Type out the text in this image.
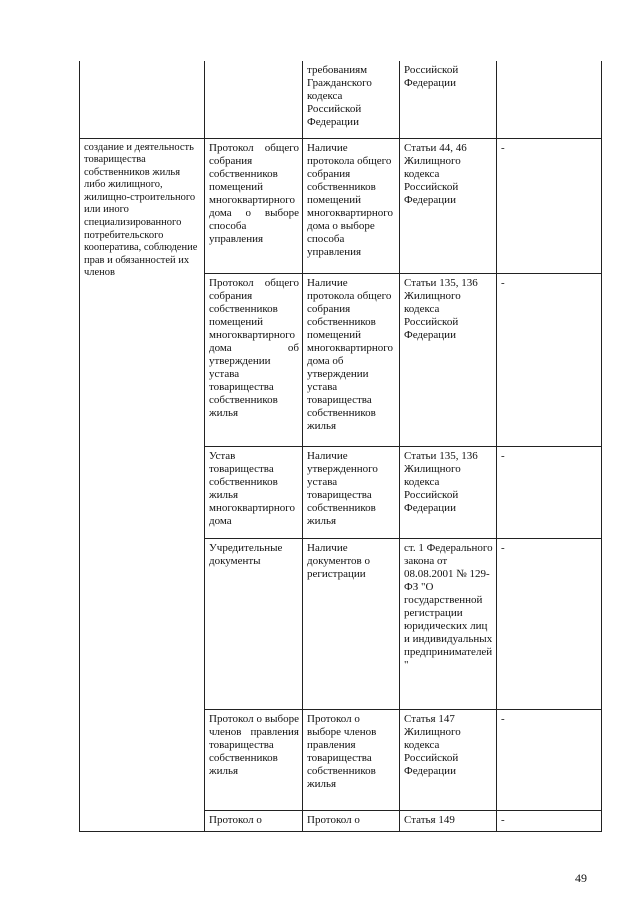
		требованиям Гражданского кодекса Российской Федерации	Российской Федерации	
создание и деятельность товарищества собственников жилья либо жилищного, жилищно-строительного или иного специализированного потребительского кооператива, соблюдение прав и обязанностей их членов	Протокол общего собрания собственников помещений многоквартирного дома о выборе способа управления	Наличие протокола общего собрания собственников помещений многоквартирного дома о выборе способа управления	Статьи 44, 46 Жилищного кодекса Российской Федерации	-
	Протокол общего собрания собственников помещений многоквартирного дома об утверждении устава товарищества собственников жилья	Наличие протокола общего собрания собственников помещений многоквартирного дома об утверждении устава товарищества собственников жилья	Статьи 135, 136 Жилищного кодекса Российской Федерации	-
	Устав товарищества собственников жилья многоквартирного дома	Наличие утвержденного устава товарищества собственников жилья	Статьи 135, 136 Жилищного кодекса Российской Федерации	-
	Учредительные документы	Наличие документов о регистрации	ст. 1 Федерального закона от 08.08.2001 № 129-ФЗ "О государственной регистрации юридических лиц и индивидуальных предпринимателей"	-
	Протокол о выборе членов правления товарищества собственников жилья	Протокол о выборе членов правления товарищества собственников жилья	Статья 147 Жилищного кодекса Российской Федерации	-
	Протокол о	Протокол о	Статья 149	-
49
